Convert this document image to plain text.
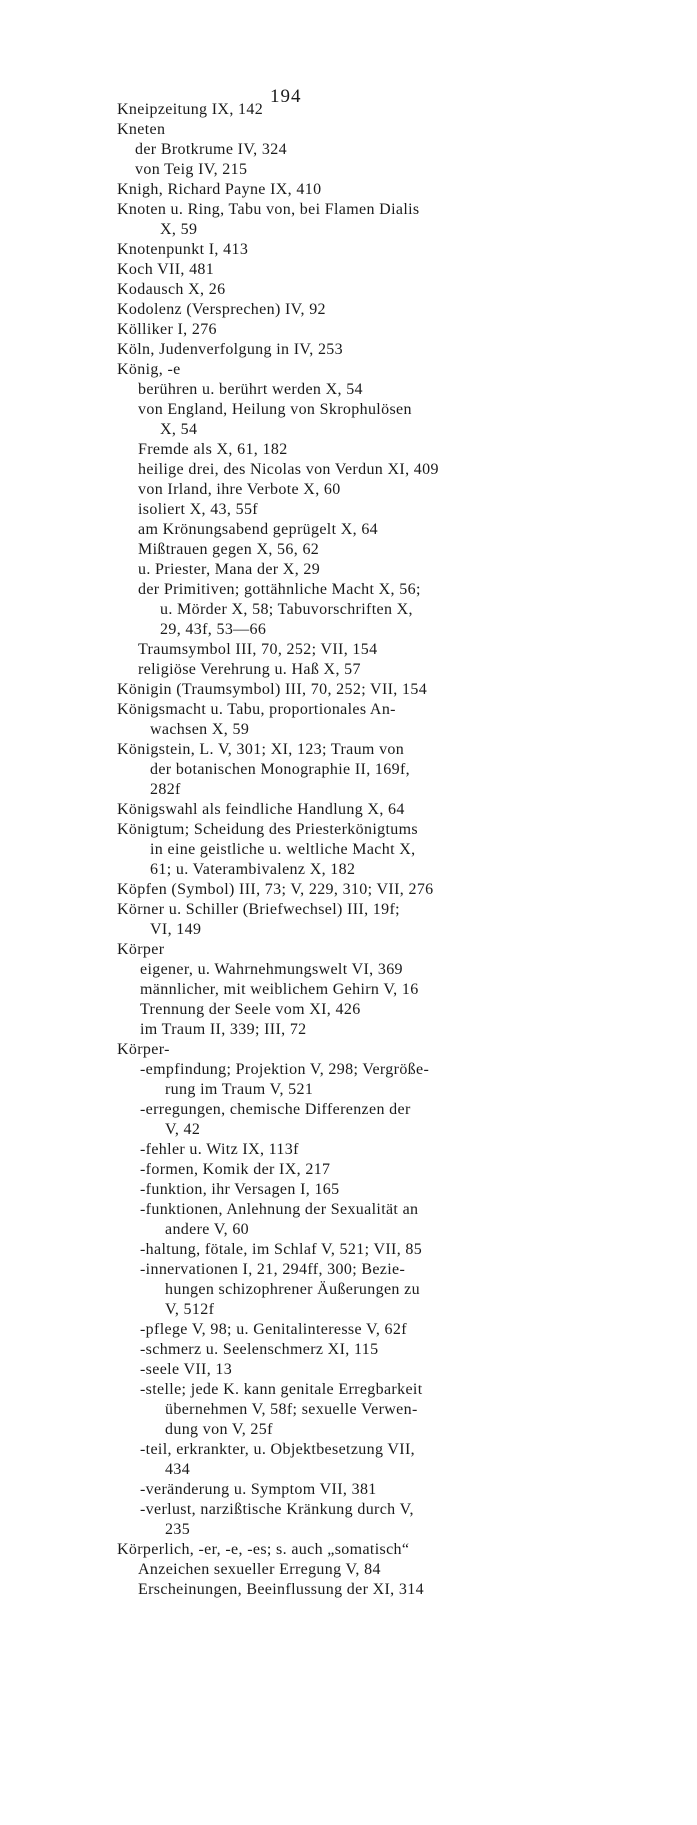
194
Kneipzeitung IX, 142
Kneten
der Brotkrume IV, 324
von Teig IV, 215
Knigh, Richard Payne IX, 410
Knoten u. Ring, Tabu von, bei Flamen Dialis
X, 59
Knotenpunkt I, 413
Koch VII, 481
Kodausch X, 26
Kodolenz (Versprechen) IV, 92
Kölliker I, 276
Köln, Judenverfolgung in IV, 253
König, -e
berühren u. berührt werden X, 54
von England, Heilung von Skrophulösen
X, 54
Fremde als X, 61, 182
heilige drei, des Nicolas von Verdun XI, 409
von Irland, ihre Verbote X, 60
isoliert X, 43, 55f
am Krönungsabend geprügelt X, 64
Mißtrauen gegen X, 56, 62
u. Priester, Mana der X, 29
der Primitiven; gottähnliche Macht X, 56;
u. Mörder X, 58; Tabuvorschriften X,
29, 43f, 53—66
Traumsymbol III, 70, 252; VII, 154
religiöse Verehrung u. Haß X, 57
Königin (Traumsymbol) III, 70, 252; VII, 154
Königsmacht u. Tabu, proportionales An-
wachsen X, 59
Königstein, L. V, 301; XI, 123; Traum von
der botanischen Monographie II, 169f,
282f
Königswahl als feindliche Handlung X, 64
Königtum; Scheidung des Priesterkönigtums
in eine geistliche u. weltliche Macht X,
61; u. Vaterambivalenz X, 182
Köpfen (Symbol) III, 73; V, 229, 310; VII, 276
Körner u. Schiller (Briefwechsel) III, 19f;
VI, 149
Körper
eigener, u. Wahrnehmungswelt VI, 369
männlicher, mit weiblichem Gehirn V, 16
Trennung der Seele vom XI, 426
im Traum II, 339; III, 72
Körper-
-empfindung; Projektion V, 298; Vergröße-
rung im Traum V, 521
-erregungen, chemische Differenzen der
V, 42
-fehler u. Witz IX, 113f
-formen, Komik der IX, 217
-funktion, ihr Versagen I, 165
-funktionen, Anlehnung der Sexualität an
andere V, 60
-haltung, fötale, im Schlaf V, 521; VII, 85
-innervationen I, 21, 294ff, 300; Bezie-
hungen schizophrener Äußerungen zu
V, 512f
-pflege V, 98; u. Genitalinteresse V, 62f
-schmerz u. Seelenschmerz XI, 115
-seele VII, 13
-stelle; jede K. kann genitale Erregbarkeit
übernehmen V, 58f; sexuelle Verwen-
dung von V, 25f
-teil, erkrankter, u. Objektbesetzung VII,
434
-veränderung u. Symptom VII, 381
-verlust, narzißtische Kränkung durch V,
235
Körperlich, -er, -e, -es; s. auch „somatisch“
Anzeichen sexueller Erregung V, 84
Erscheinungen, Beeinflussung der XI, 314
